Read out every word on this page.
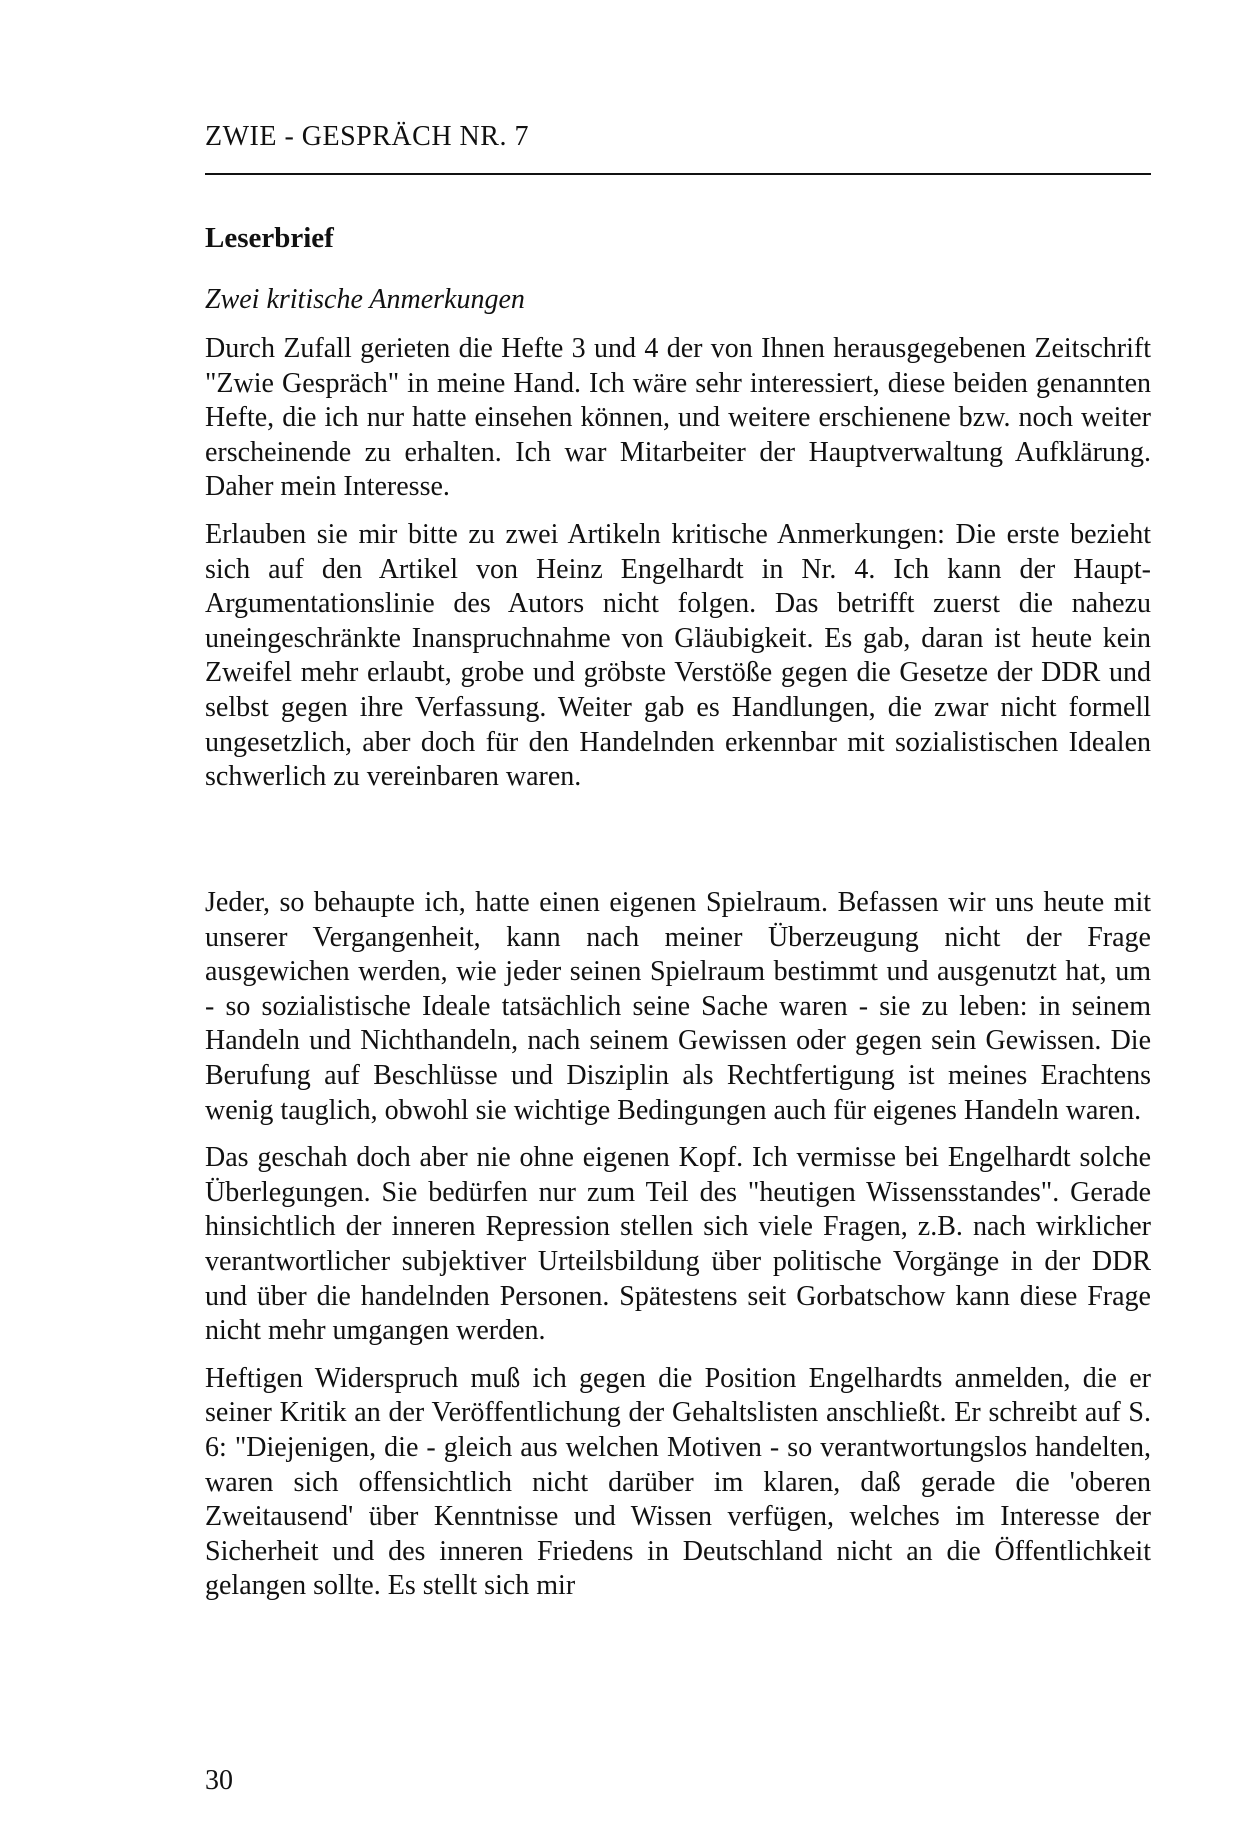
ZWIE - GESPRÄCH NR. 7
Leserbrief
Zwei kritische Anmerkungen

Durch Zufall gerieten die Hefte 3 und 4 der von Ihnen herausgegebenen Zeitschrift "Zwie Gespräch" in meine Hand. Ich wäre sehr interessiert, diese beiden genannten Hefte, die ich nur hatte einsehen können, und weitere erschienene bzw. noch weiter erscheinende zu erhalten. Ich war Mitarbeiter der Hauptverwaltung Aufklärung. Daher mein Interesse.

Erlauben sie mir bitte zu zwei Artikeln kritische Anmerkungen: Die erste bezieht sich auf den Artikel von Heinz Engelhardt in Nr. 4. Ich kann der Haupt-Argumentationslinie des Autors nicht folgen. Das betrifft zuerst die nahezu uneingeschränkte Inanspruchnahme von Gläubigkeit. Es gab, daran ist heute kein Zweifel mehr erlaubt, grobe und gröbste Verstöße gegen die Gesetze der DDR und selbst gegen ihre Verfassung. Weiter gab es Handlungen, die zwar nicht formell ungesetzlich, aber doch für den Handelnden erkennbar mit sozialistischen Idealen schwerlich zu vereinbaren waren.

Jeder, so behaupte ich, hatte einen eigenen Spielraum. Befassen wir uns heute mit unserer Vergangenheit, kann nach meiner Überzeugung nicht der Frage ausgewichen werden, wie jeder seinen Spielraum bestimmt und ausgenutzt hat, um - so sozialistische Ideale tatsächlich seine Sache waren - sie zu leben: in seinem Handeln und Nichthandeln, nach seinem Gewissen oder gegen sein Gewissen. Die Berufung auf Beschlüsse und Disziplin als Rechtfertigung ist meines Erachtens wenig tauglich, obwohl sie wichtige Bedingungen auch für eigenes Handeln waren.

Das geschah doch aber nie ohne eigenen Kopf. Ich vermisse bei Engelhardt solche Überlegungen. Sie bedürfen nur zum Teil des "heutigen Wissensstandes". Gerade hinsichtlich der inneren Repression stellen sich viele Fragen, z.B. nach wirklicher verantwortlicher subjektiver Urteilsbildung über politische Vorgänge in der DDR und über die handelnden Personen. Spätestens seit Gorbatschow kann diese Frage nicht mehr umgangen werden.

Heftigen Widerspruch muß ich gegen die Position Engelhardts anmelden, die er seiner Kritik an der Veröffentlichung der Gehaltslisten anschließt. Er schreibt auf S. 6: "Diejenigen, die - gleich aus welchen Motiven - so verantwortungslos handelten, waren sich offensichtlich nicht darüber im klaren, daß gerade die 'oberen Zweitausend' über Kenntnisse und Wissen verfügen, welches im Interesse der Sicherheit und des inneren Friedens in Deutschland nicht an die Öffentlichkeit gelangen sollte. Es stellt sich mir

30
